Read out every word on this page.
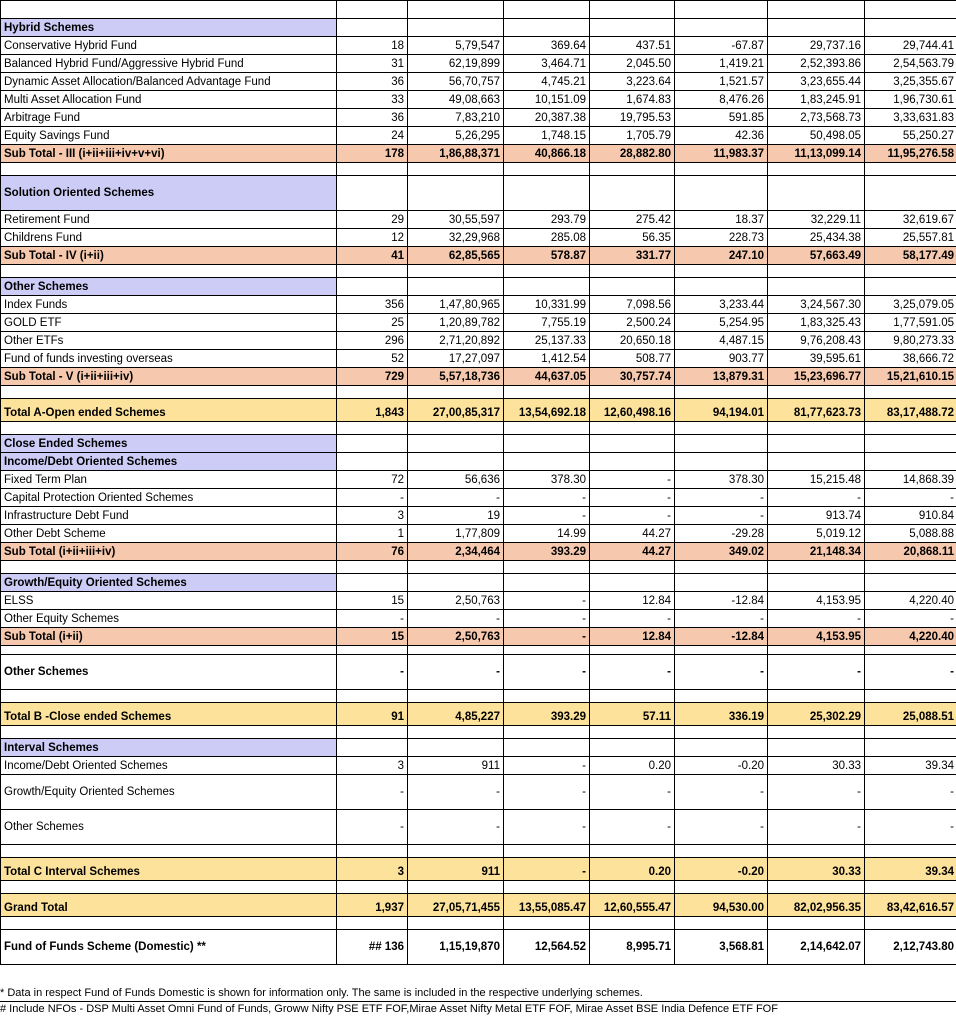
Hybrid Schemes							
Conservative Hybrid Fund	18	5,79,547	369.64	437.51	-67.87	29,737.16	29,744.41
Balanced Hybrid Fund/Aggressive Hybrid Fund	31	62,19,899	3,464.71	2,045.50	1,419.21	2,52,393.86	2,54,563.79
Dynamic Asset Allocation/Balanced Advantage Fund	36	56,70,757	4,745.21	3,223.64	1,521.57	3,23,655.44	3,25,355.67
Multi Asset Allocation Fund	33	49,08,663	10,151.09	1,674.83	8,476.26	1,83,245.91	1,96,730.61
Arbitrage Fund	36	7,83,210	20,387.38	19,795.53	591.85	2,73,568.73	3,33,631.83
Equity Savings Fund	24	5,26,295	1,748.15	1,705.79	42.36	50,498.05	55,250.27
Sub Total - III (i+ii+iii+iv+v+vi)	178	1,86,88,371	40,866.18	28,882.80	11,983.37	11,13,099.14	11,95,276.58

Solution Oriented Schemes							
Retirement Fund	29	30,55,597	293.79	275.42	18.37	32,229.11	32,619.67
Childrens Fund	12	32,29,968	285.08	56.35	228.73	25,434.38	25,557.81
Sub Total - IV (i+ii)	41	62,85,565	578.87	331.77	247.10	57,663.49	58,177.49

Other Schemes							
Index Funds	356	1,47,80,965	10,331.99	7,098.56	3,233.44	3,24,567.30	3,25,079.05
GOLD ETF	25	1,20,89,782	7,755.19	2,500.24	5,254.95	1,83,325.43	1,77,591.05
Other ETFs	296	2,71,20,892	25,137.33	20,650.18	4,487.15	9,76,208.43	9,80,273.33
Fund of funds investing overseas	52	17,27,097	1,412.54	508.77	903.77	39,595.61	38,666.72
Sub Total - V (i+ii+iii+iv)	729	5,57,18,736	44,637.05	30,757.74	13,879.31	15,23,696.77	15,21,610.15

Total A-Open ended Schemes	1,843	27,00,85,317	13,54,692.18	12,60,498.16	94,194.01	81,77,623.73	83,17,488.72

Close Ended Schemes							
Income/Debt Oriented Schemes							
Fixed Term Plan	72	56,636	378.30	-	378.30	15,215.48	14,868.39
Capital Protection Oriented Schemes	-	-	-	-	-	-	-
Infrastructure Debt Fund	3	19	-	-	-	913.74	910.84
Other Debt Scheme	1	1,77,809	14.99	44.27	-29.28	5,019.12	5,088.88
Sub Total (i+ii+iii+iv)	76	2,34,464	393.29	44.27	349.02	21,148.34	20,868.11

Growth/Equity Oriented Schemes							
ELSS	15	2,50,763	-	12.84	-12.84	4,153.95	4,220.40
Other Equity Schemes	-	-	-	-	-	-	-
Sub Total (i+ii)	15	2,50,763	-	12.84	-12.84	4,153.95	4,220.40

Other Schemes	-	-	-	-	-	-	-

Total B -Close ended Schemes	91	4,85,227	393.29	57.11	336.19	25,302.29	25,088.51

Interval Schemes							
Income/Debt Oriented Schemes	3	911	-	0.20	-0.20	30.33	39.34
Growth/Equity Oriented Schemes	-	-	-	-	-	-	-
Other Schemes	-	-	-	-	-	-	-

Total C Interval Schemes	3	911	-	0.20	-0.20	30.33	39.34

Grand Total	1,937	27,05,71,455	13,55,085.47	12,60,555.47	94,530.00	82,02,956.35	83,42,616.57

Fund of Funds Scheme (Domestic) **	## 136	1,15,19,870	12,564.52	8,995.71	3,568.81	2,14,642.07	2,12,743.80
* Data in respect Fund of Funds Domestic is shown for information only. The same is included in the respective underlying schemes.
# Include NFOs - DSP Multi Asset Omni Fund of Funds, Groww Nifty PSE ETF FOF,Mirae Asset Nifty Metal ETF FOF, Mirae Asset BSE India Defence ETF FOF
